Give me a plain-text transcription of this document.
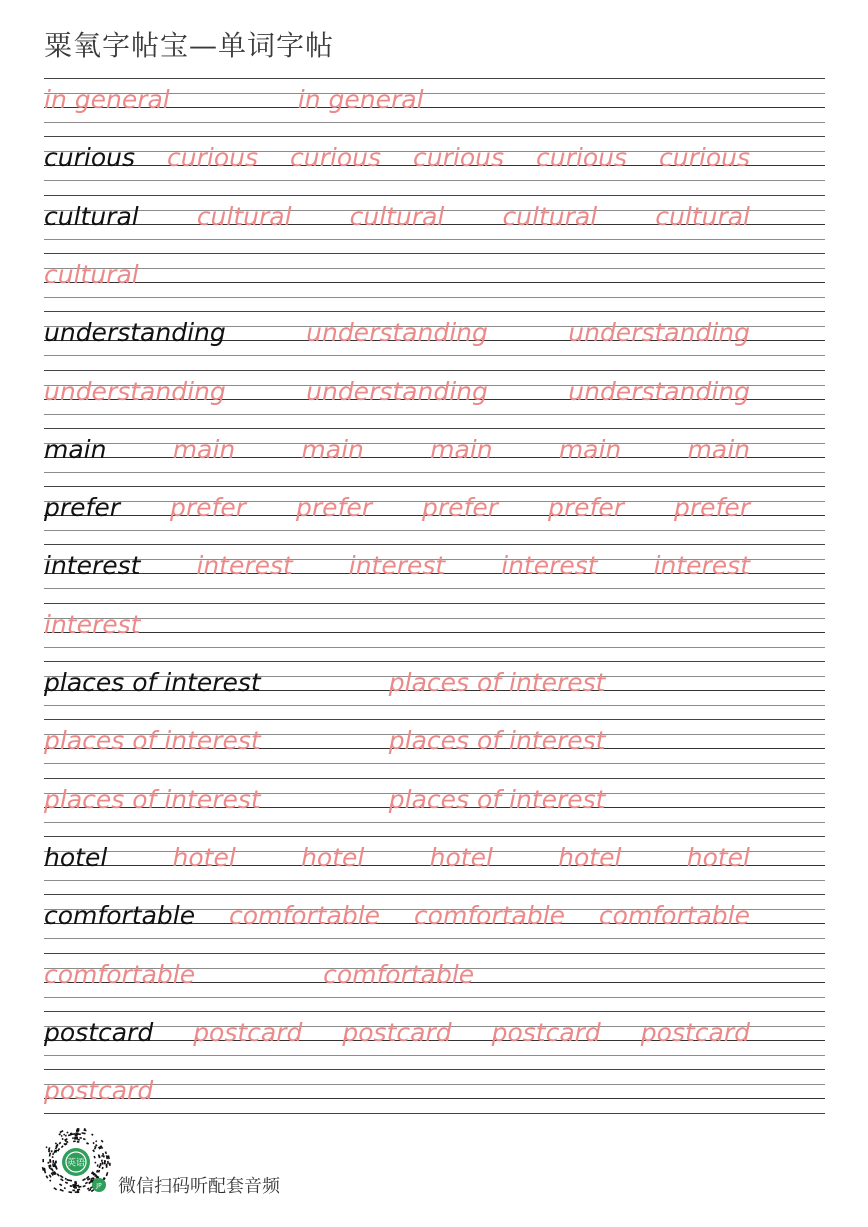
粟氧字帖宝—单词字帖
in general	in general
curious curious curious curious curious curious
cultural cultural cultural cultural cultural
cultural
understanding	understanding	understanding
understanding	understanding	understanding
main	main	main	main	main	main
prefer prefer prefer prefer prefer prefer
interest interest interest interest interest
interest
places of interest	places of interest
places of interest	places of interest
places of interest	places of interest
hotel	hotel	hotel	hotel	hotel	hotel
comfortable comfortable comfortable comfortable
comfortable	comfortable
postcard postcard postcard postcard postcard
postcard
英语
JP 微信扫码听配套音频
